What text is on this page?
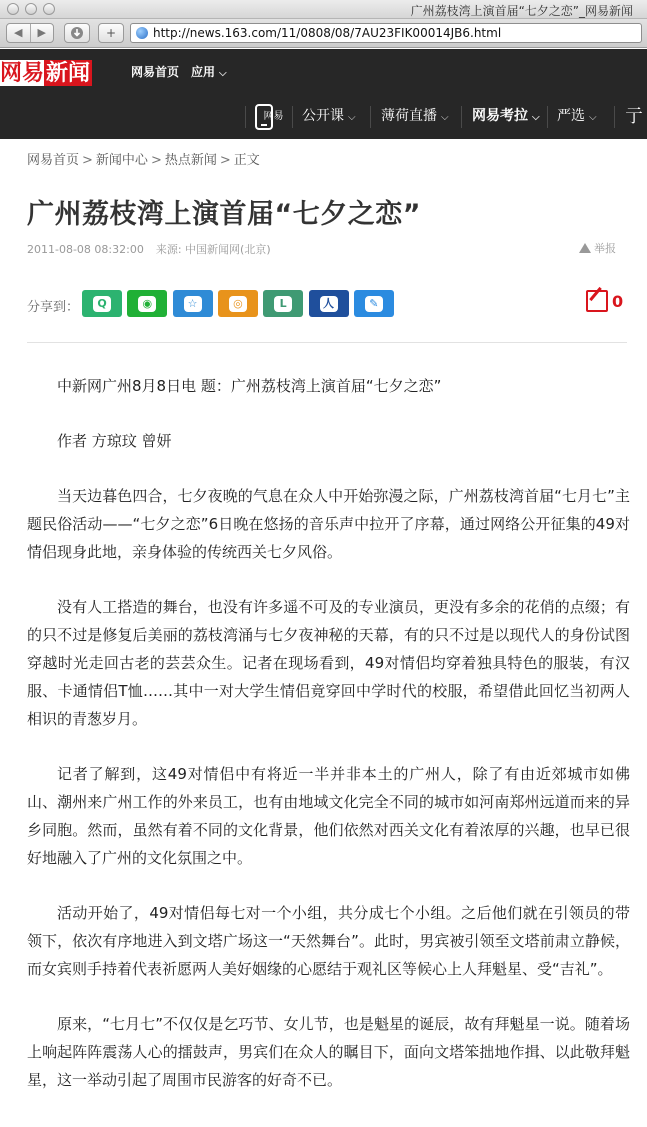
广州荔枝湾上演首届“七夕之恋”_网易新闻
◀	▶	+	http://news.163.com/11/0808/08/7AU23FIK00014JB6.html
网易新闻	网易首页 应用 ⌵
网易 公开课 ⌵ 薄荷直播 ⌵ 网易考拉 ⌵ 严选 ⌵ 亍
网易首页 > 新闻中心 > 热点新闻 > 正文
广州荔枝湾上演首届“七夕之恋”
2011-08-08 08:32:00 来源: 中国新闻网(北京)	举报
分享到：	Q	◉	☆	◎	L	人	✎	0

中新网广州8月8日电 题：广州荔枝湾上演首届“七夕之恋”

作者 方琼玟 曾妍

当天边暮色四合，七夕夜晚的气息在众人中开始弥漫之际，广州荔枝湾首届“七月七”主题民俗活动——“七夕之恋”6日晚在悠扬的音乐声中拉开了序幕，通过网络公开征集的49对情侣现身此地，亲身体验的传统西关七夕风俗。

没有人工搭造的舞台，也没有许多遥不可及的专业演员，更没有多余的花俏的点缀；有的只不过是修复后美丽的荔枝湾涌与七夕夜神秘的天幕，有的只不过是以现代人的身份试图穿越时光走回古老的芸芸众生。记者在现场看到，49对情侣均穿着独具特色的服装，有汉服、卡通情侣T恤……其中一对大学生情侣竟穿回中学时代的校服，希望借此回忆当初两人相识的青葱岁月。

记者了解到，这49对情侣中有将近一半并非本土的广州人，除了有由近郊城市如佛山、潮州来广州工作的外来员工，也有由地域文化完全不同的城市如河南郑州远道而来的异乡同胞。然而，虽然有着不同的文化背景，他们依然对西关文化有着浓厚的兴趣，也早已很好地融入了广州的文化氛围之中。

活动开始了，49对情侣每七对一个小组，共分成七个小组。之后他们就在引领员的带领下，依次有序地进入到文塔广场这一“天然舞台”。此时，男宾被引领至文塔前肃立静候，而女宾则手持着代表祈愿两人美好姻缘的心愿结于观礼区等候心上人拜魁星、受“吉礼”。

原来，“七月七”不仅仅是乞巧节、女儿节，也是魁星的诞辰，故有拜魁星一说。随着场上响起阵阵震荡人心的擂鼓声，男宾们在众人的瞩目下，面向文塔笨拙地作揖、以此敬拜魁星，这一举动引起了周围市民游客的好奇不已。
